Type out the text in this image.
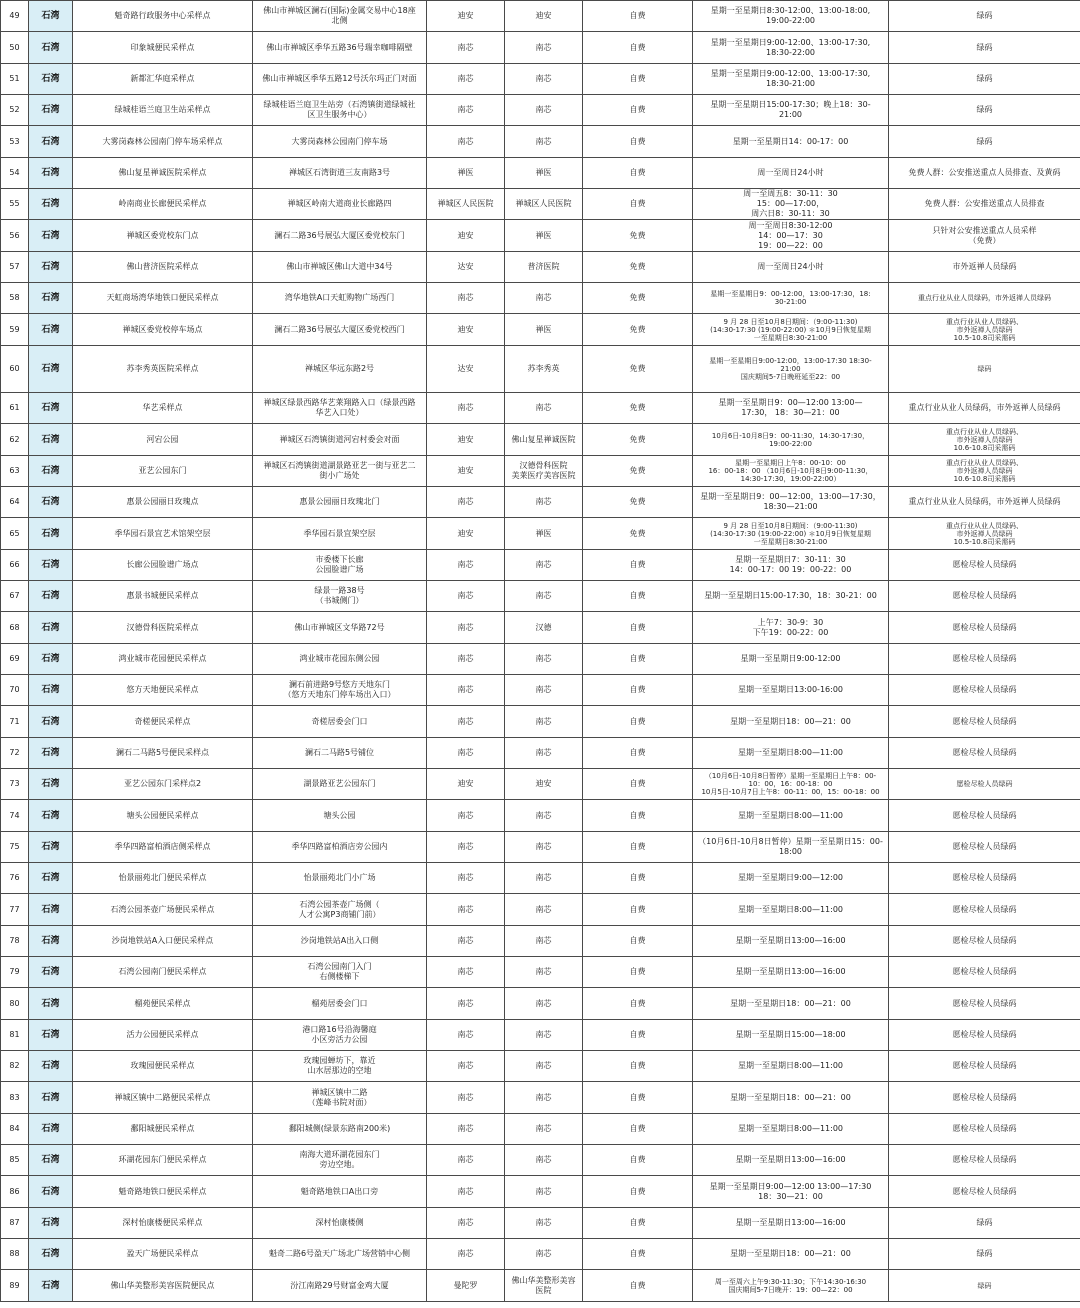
49	石湾	魁奇路行政服务中心采样点	佛山市禅城区澜石(国际)金属交易中心18座
北侧	迪安	迪安	自费	星期一至星期日8:30-12:00、13:00-18:00,
19:00-22:00	绿码
50	石湾	印象城便民采样点	佛山市禅城区季华五路36号瑞幸咖啡隔壁	南芯	南芯	自费	星期一至星期日9:00-12:00、13:00-17:30,
18:30-22:00	绿码
51	石湾	新都汇华庭采样点	佛山市禅城区季华五路12号沃尔玛正门对面	南芯	南芯	自费	星期一至星期日9:00-12:00、13:00-17:30,
18:30-21:00	绿码
52	石湾	绿城桂语兰庭卫生站采样点	绿城桂语兰庭卫生站旁（石湾镇街道绿城社
区卫生服务中心）	南芯	南芯	自费	星期一至星期日15:00-17:30；晚上18：30-
21:00	绿码
53	石湾	大雾岗森林公园南门停车场采样点	大雾岗森林公园南门停车场	南芯	南芯	自费	星期一至星期日14：00-17：00	绿码
54	石湾	佛山复星禅诚医院采样点	禅城区石湾街道三友南路3号	禅医	禅医	自费	周一至周日24小时	免费人群：公安推送重点人员排查、及黄码
55	石湾	岭南商业长廊便民采样点	禅城区岭南大道商业长廊路四	禅城区人民医院	禅城区人民医院	自费	周一至周五8：30-11：30
15：00—17:00，
周六日8：30-11：30	免费人群：公安推送重点人员排查
56	石湾	禅城区委党校东门点	澜石二路36号展弘大厦区委党校东门	迪安	禅医	免费	周一至周日8:30-12:00
14：00—17：30
19：00—22：00	只针对公安推送重点人员采样
（免费）
57	石湾	佛山普济医院采样点	佛山市禅城区佛山大道中34号	达安	普济医院	免费	周一至周日24小时	市外返禅人员绿码
58	石湾	天虹商场湾华地铁口便民采样点	湾华地铁A口天虹购物广场西门	南芯	南芯	免费	星期一至星期日9：00-12:00，13:00-17:30，18:
30-21:00	重点行业从业人员绿码，市外返禅人员绿码
59	石湾	禅城区委党校停车场点	澜石二路36号展弘大厦区委党校西门	迪安	禅医	免费	9 月 28 日至10月8日期间：（9:00-11:30)
(14:30-17:30 (19:00-22:00) ＊10月9日恢复星期
一至星期日8:30-21:00	重点行业从业人员绿码、
市外返禅人员绿码
10.5-10.8司采需码
60	石湾	苏李秀英医院采样点	禅城区华远东路2号	达安	苏李秀英	免费	星期一至星期日9:00-12:00，13:00-17:30 18:30-
21:00
国庆期间5-7日晚班延至22：00	绿码
61	石湾	华艺采样点	禅城区绿景西路华艺莱翔路入口（绿景西路
华艺入口处）	南芯	南芯	免费	星期一至星期日9：00—12:00 13:00—
17:30， 18：30—21：00	重点行业从业人员绿码，市外返禅人员绿码
62	石湾	河宕公园	禅城区石湾镇街道河宕村委会对面	迪安	佛山复星禅诚医院	免费	10月6日-10月8日9：00-11:30，14:30-17:30，
19:00-22:00	重点行业从业人员绿码、
市外返禅人员绿码
10.6-10.8司采需码
63	石湾	亚艺公园东门	禅城区石湾镇街道湖景路亚艺一街与亚艺二
街小广场处	迪安	汉德骨科医院
美莱医疗美容医院	免费	星期一至星期日上午8：00-10：00
16：00-18：00 （10月6日-10月8日9:00-11:30，
14:30-17:30，19:00-22:00）	重点行业从业人员绿码、
市外返禅人员绿码
10.6-10.8司采需码
64	石湾	惠景公园丽日玫瑰点	惠景公园丽日玫瑰北门	南芯	南芯	免费	星期一至星期日9：00—12:00，13:00—17:30，
18:30—21:00	重点行业从业人员绿码，市外返禅人员绿码
65	石湾	季华园石景宜艺术馆架空层	季华园石景宜架空层	迪安	禅医	免费	9 月 28 日至10月8日期间：（9:00-11:30)
(14:30-17:30 (19:00-22:00) ＊10月9日恢复星期
一至星期日8:30-21:00	重点行业从业人员绿码、
市外返禅人员绿码
10.5-10.8司采需码
66	石湾	长廊公园脸谱广场点	市委楼下长廊
公园脸谱广场	南芯	南芯	自费	星期一至星期日7：30-11：30
14：00-17：00 19：00-22：00	愿检尽检人员绿码
67	石湾	惠景书城便民采样点	绿景一路38号
（书城侧门）	南芯	南芯	自费	星期一至星期日15:00-17:30，18：30-21：00	愿检尽检人员绿码
68	石湾	汉德骨科医院采样点	佛山市禅城区文华路72号	南芯	汉德	自费	上午7：30-9：30
下午19：00-22：00	愿检尽检人员绿码
69	石湾	鸿业城市花园便民采样点	鸿业城市花园东侧公园	南芯	南芯	自费	星期一至星期日9:00-12:00	愿检尽检人员绿码
70	石湾	悠方天地便民采样点	澜石前进路9号悠方天地东门
（悠方天地东门停车场出入口）	南芯	南芯	自费	星期一至星期日13:00-16:00	愿检尽检人员绿码
71	石湾	奇槎便民采样点	奇槎居委会门口	南芯	南芯	自费	星期一至星期日18：00—21：00	愿检尽检人员绿码
72	石湾	澜石二马路5号便民采样点	澜石二马路5号铺位	南芯	南芯	自费	星期一至星期日8:00—11:00	愿检尽检人员绿码
73	石湾	亚艺公园东门采样点2	湖景路亚艺公园东门	迪安	迪安	自费	（10月6日-10月8日暂停）星期一至星期日上午8：00-
10：00，16：00-18：00
10月5日-10月7日上午8：00-11：00，15：00-18：00	愿检尽检人员绿码
74	石湾	塘头公园便民采样点	塘头公园	南芯	南芯	自费	星期一至星期日8:00—11:00	愿检尽检人员绿码
75	石湾	季华四路富柏酒店侧采样点	季华四路富柏酒店旁公园内	南芯	南芯	自费	（10月6日-10月8日暂停）星期一至星期日15：00-
18:00	愿检尽检人员绿码
76	石湾	怡景丽苑北门便民采样点	怡景丽苑北门小广场	南芯	南芯	自费	星期一至星期日9:00—12:00	愿检尽检人员绿码
77	石湾	石湾公园茶壶广场便民采样点	石湾公园茶壶广场侧（
人才公寓P3商铺门前）	南芯	南芯	自费	星期一至星期日8:00—11:00	愿检尽检人员绿码
78	石湾	沙岗地铁站A入口便民采样点	沙岗地铁站A出入口侧	南芯	南芯	自费	星期一至星期日13:00—16:00	愿检尽检人员绿码
79	石湾	石湾公园南门便民采样点	石湾公园南门入门
右侧楼梯下	南芯	南芯	自费	星期一至星期日13:00—16:00	愿检尽检人员绿码
80	石湾	榴苑便民采样点	榴苑居委会门口	南芯	南芯	自费	星期一至星期日18：00—21：00	愿检尽检人员绿码
81	石湾	活力公园便民采样点	港口路16号沿海馨庭
小区旁活力公园	南芯	南芯	自费	星期一至星期日15:00—18:00	愿检尽检人员绿码
82	石湾	玫瑰园便民采样点	玫瑰园蝉坊下，靠近
山水居那边的空地	南芯	南芯	自费	星期一至星期日8:00—11:00	愿检尽检人员绿码
83	石湾	禅城区镇中二路便民采样点	禅城区镇中二路
（莲峰书院对面）	南芯	南芯	自费	星期一至星期日18：00—21：00	愿检尽检人员绿码
84	石湾	鄱阳城便民采样点	鄱阳城侧(绿景东路南200米)	南芯	南芯	自费	星期一至星期日8:00—11:00	愿检尽检人员绿码
85	石湾	环湖花园东门便民采样点	南海大道环湖花园东门
旁边空地。	南芯	南芯	自费	星期一至星期日13:00—16:00	愿检尽检人员绿码
86	石湾	魁奇路地铁口便民采样点	魁奇路地铁口A出口旁	南芯	南芯	自费	星期一至星期日9:00—12:00 13:00—17:30
18：30—21：00	愿检尽检人员绿码
87	石湾	深村怡康楼便民采样点	深村怡康楼侧	南芯	南芯	自费	星期一至星期日13:00—16:00	绿码
88	石湾	盈天广场便民采样点	魁奇二路6号盈天广场北广场营销中心侧	南芯	南芯	自费	星期一至星期日18：00—21：00	绿码
89	石湾	佛山华美整形美容医院便民点	汾江南路29号财富金鸡大厦	曼陀罗	佛山华美整形美容
医院	自费	周一至周六上午9:30-11:30；下午14:30-16:30
国庆期间5-7日晚开：19：00—22：00	绿码
